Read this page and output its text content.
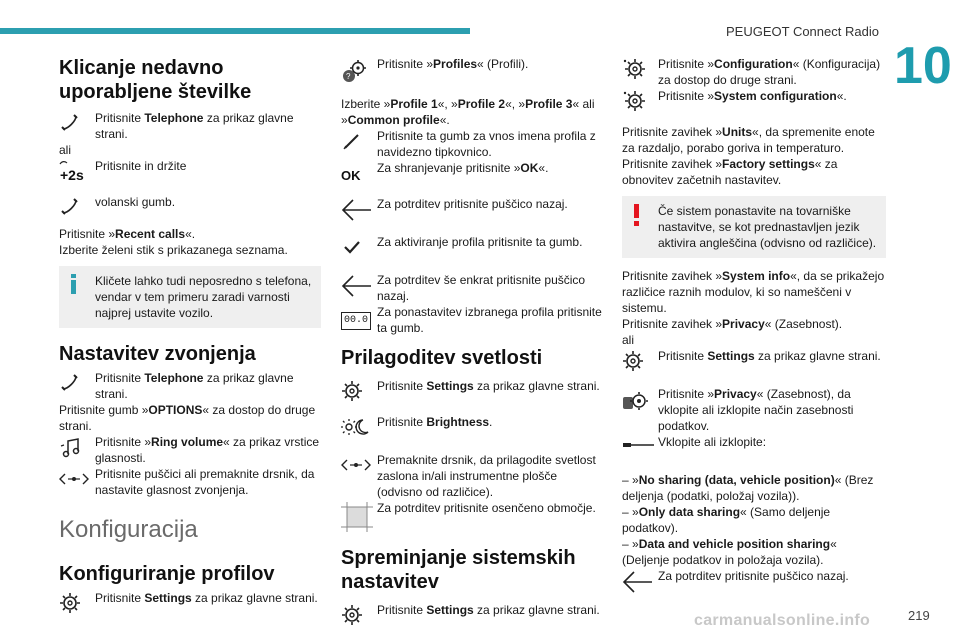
PEUGEOT Connect Radio
10
carmanualsonline.info	219
Klicanje nedavno uporabljene številke

Pritisnite Telephone za prikaz glavne strani.

ali

+2s

Pritisnite in držite

volanski gumb.

Pritisnite »Recent calls«.

Izberite želeni stik s prikazanega seznama.

Kličete lahko tudi neposredno s telefona, vendar v tem primeru zaradi varnosti najprej ustavite vozilo.

Nastavitev zvonjenja

Pritisnite Telephone za prikaz glavne strani.

Pritisnite gumb »OPTIONS« za dostop do druge strani.

Pritisnite »Ring volume« za prikaz vrstice glasnosti.

Pritisnite puščici ali premaknite drsnik, da nastavite glasnost zvonjenja.

Konfiguracija
Konfiguriranje profilov

Pritisnite Settings za prikaz glavne strani.

?

Pritisnite »Profiles« (Profili).

Izberite »Profile 1«, »Profile 2«, »Profile 3« ali »Common profile«.

Pritisnite ta gumb za vnos imena profila z navidezno tipkovnico.

OK Za shranjevanje pritisnite »OK«.

Za potrditev pritisnite puščico nazaj.

Za aktiviranje profila pritisnite ta gumb.

Za potrditev še enkrat pritisnite puščico nazaj.

00.0

Za ponastavitev izbranega profila pritisnite ta gumb.

Prilagoditev svetlosti

Pritisnite Settings za prikaz glavne strani.

Pritisnite Brightness.

Premaknite drsnik, da prilagodite svetlost zaslona in/ali instrumentne plošče (odvisno od različice).

Za potrditev pritisnite osenčeno območje.

Spreminjanje sistemskih nastavitev

Pritisnite Settings za prikaz glavne strani.

Pritisnite »Configuration« (Konfiguracija) za dostop do druge strani.

Pritisnite »System configuration«.

Pritisnite zavihek »Units«, da spremenite enote za razdaljo, porabo goriva in temperaturo.

Pritisnite zavihek »Factory settings« za obnovitev začetnih nastavitev.

Če sistem ponastavite na tovarniške nastavitve, se kot prednastavljen jezik aktivira angleščina (odvisno od različice).

Pritisnite zavihek »System info«, da se prikažejo različice raznih modulov, ki so nameščeni v sistemu.

Pritisnite zavihek »Privacy« (Zasebnost).

ali

Pritisnite Settings za prikaz glavne strani.

Pritisnite »Privacy« (Zasebnost), da vklopite ali izklopite način zasebnosti podatkov.

Vklopite ali izklopite:

– »No sharing (data, vehicle position)« (Brez deljenja (podatki, položaj vozila)).

– »Only data sharing« (Samo deljenje podatkov).

– »Data and vehicle position sharing« (Deljenje podatkov in položaja vozila).

Za potrditev pritisnite puščico nazaj.
